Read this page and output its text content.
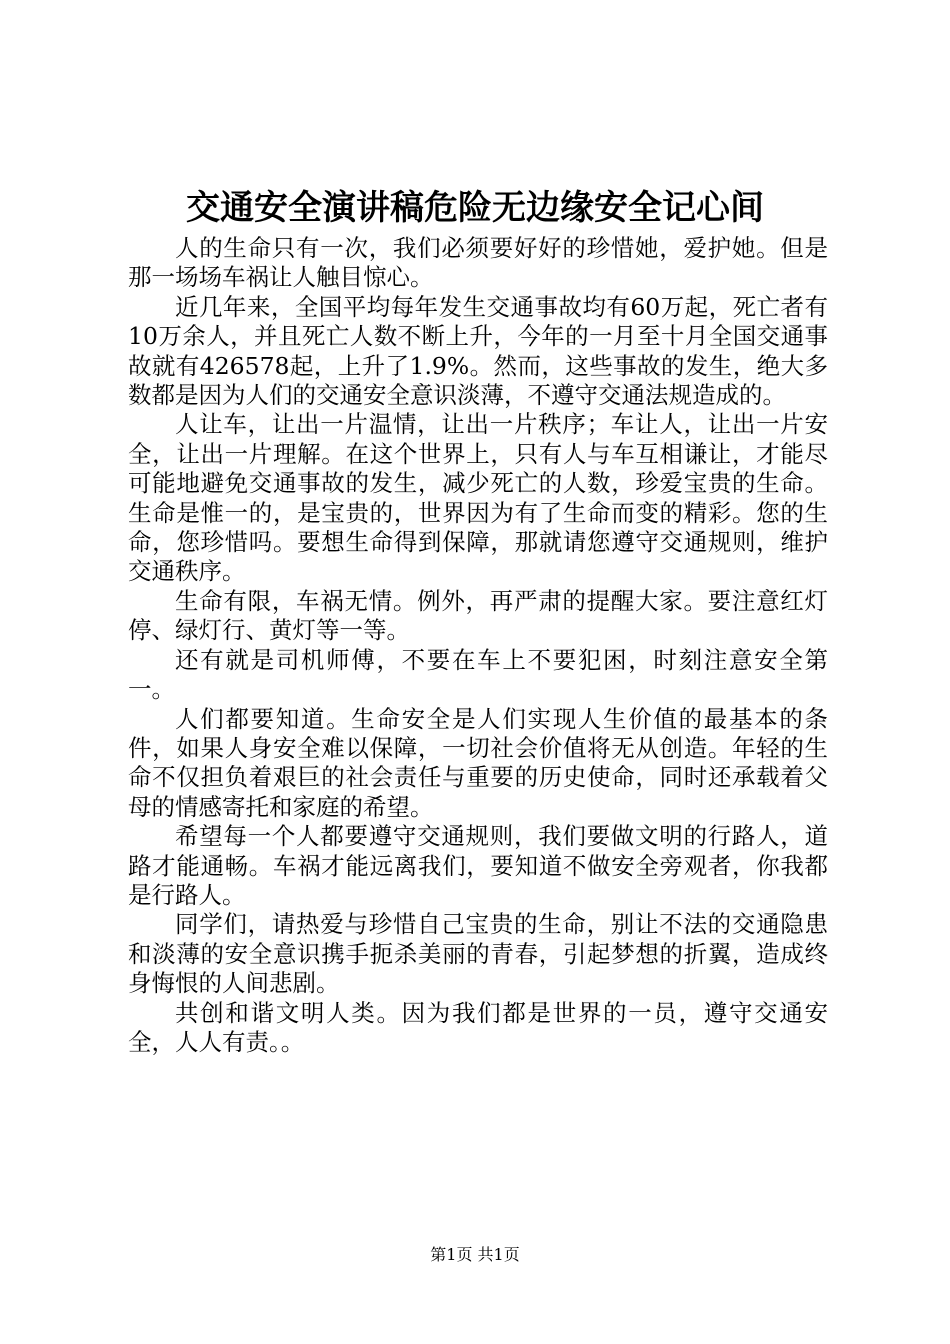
交通安全演讲稿危险无边缘安全记心间

人的生命只有一次，我们必须要好好的珍惜她，爱护她。但是那一场场车祸让人触目惊心。

近几年来，全国平均每年发生交通事故均有60万起，死亡者有10万余人，并且死亡人数不断上升，今年的一月至十月全国交通事故就有426578起，上升了1.9%。然而，这些事故的发生，绝大多数都是因为人们的交通安全意识淡薄，不遵守交通法规造成的。

人让车，让出一片温情，让出一片秩序；车让人，让出一片安全，让出一片理解。在这个世界上，只有人与车互相谦让，才能尽可能地避免交通事故的发生，减少死亡的人数，珍爱宝贵的生命。生命是惟一的，是宝贵的，世界因为有了生命而变的精彩。您的生命，您珍惜吗。要想生命得到保障，那就请您遵守交通规则，维护交通秩序。

生命有限，车祸无情。例外，再严肃的提醒大家。要注意红灯停、绿灯行、黄灯等一等。

还有就是司机师傅，不要在车上不要犯困，时刻注意安全第一。

人们都要知道。生命安全是人们实现人生价值的最基本的条件，如果人身安全难以保障，一切社会价值将无从创造。年轻的生命不仅担负着艰巨的社会责任与重要的历史使命，同时还承载着父母的情感寄托和家庭的希望。

希望每一个人都要遵守交通规则，我们要做文明的行路人，道路才能通畅。车祸才能远离我们，要知道不做安全旁观者，你我都是行路人。

同学们，请热爱与珍惜自己宝贵的生命，别让不法的交通隐患和淡薄的安全意识携手扼杀美丽的青春，引起梦想的折翼，造成终身悔恨的人间悲剧。

共创和谐文明人类。因为我们都是世界的一员，遵守交通安全，人人有责。。

第1页 共1页
